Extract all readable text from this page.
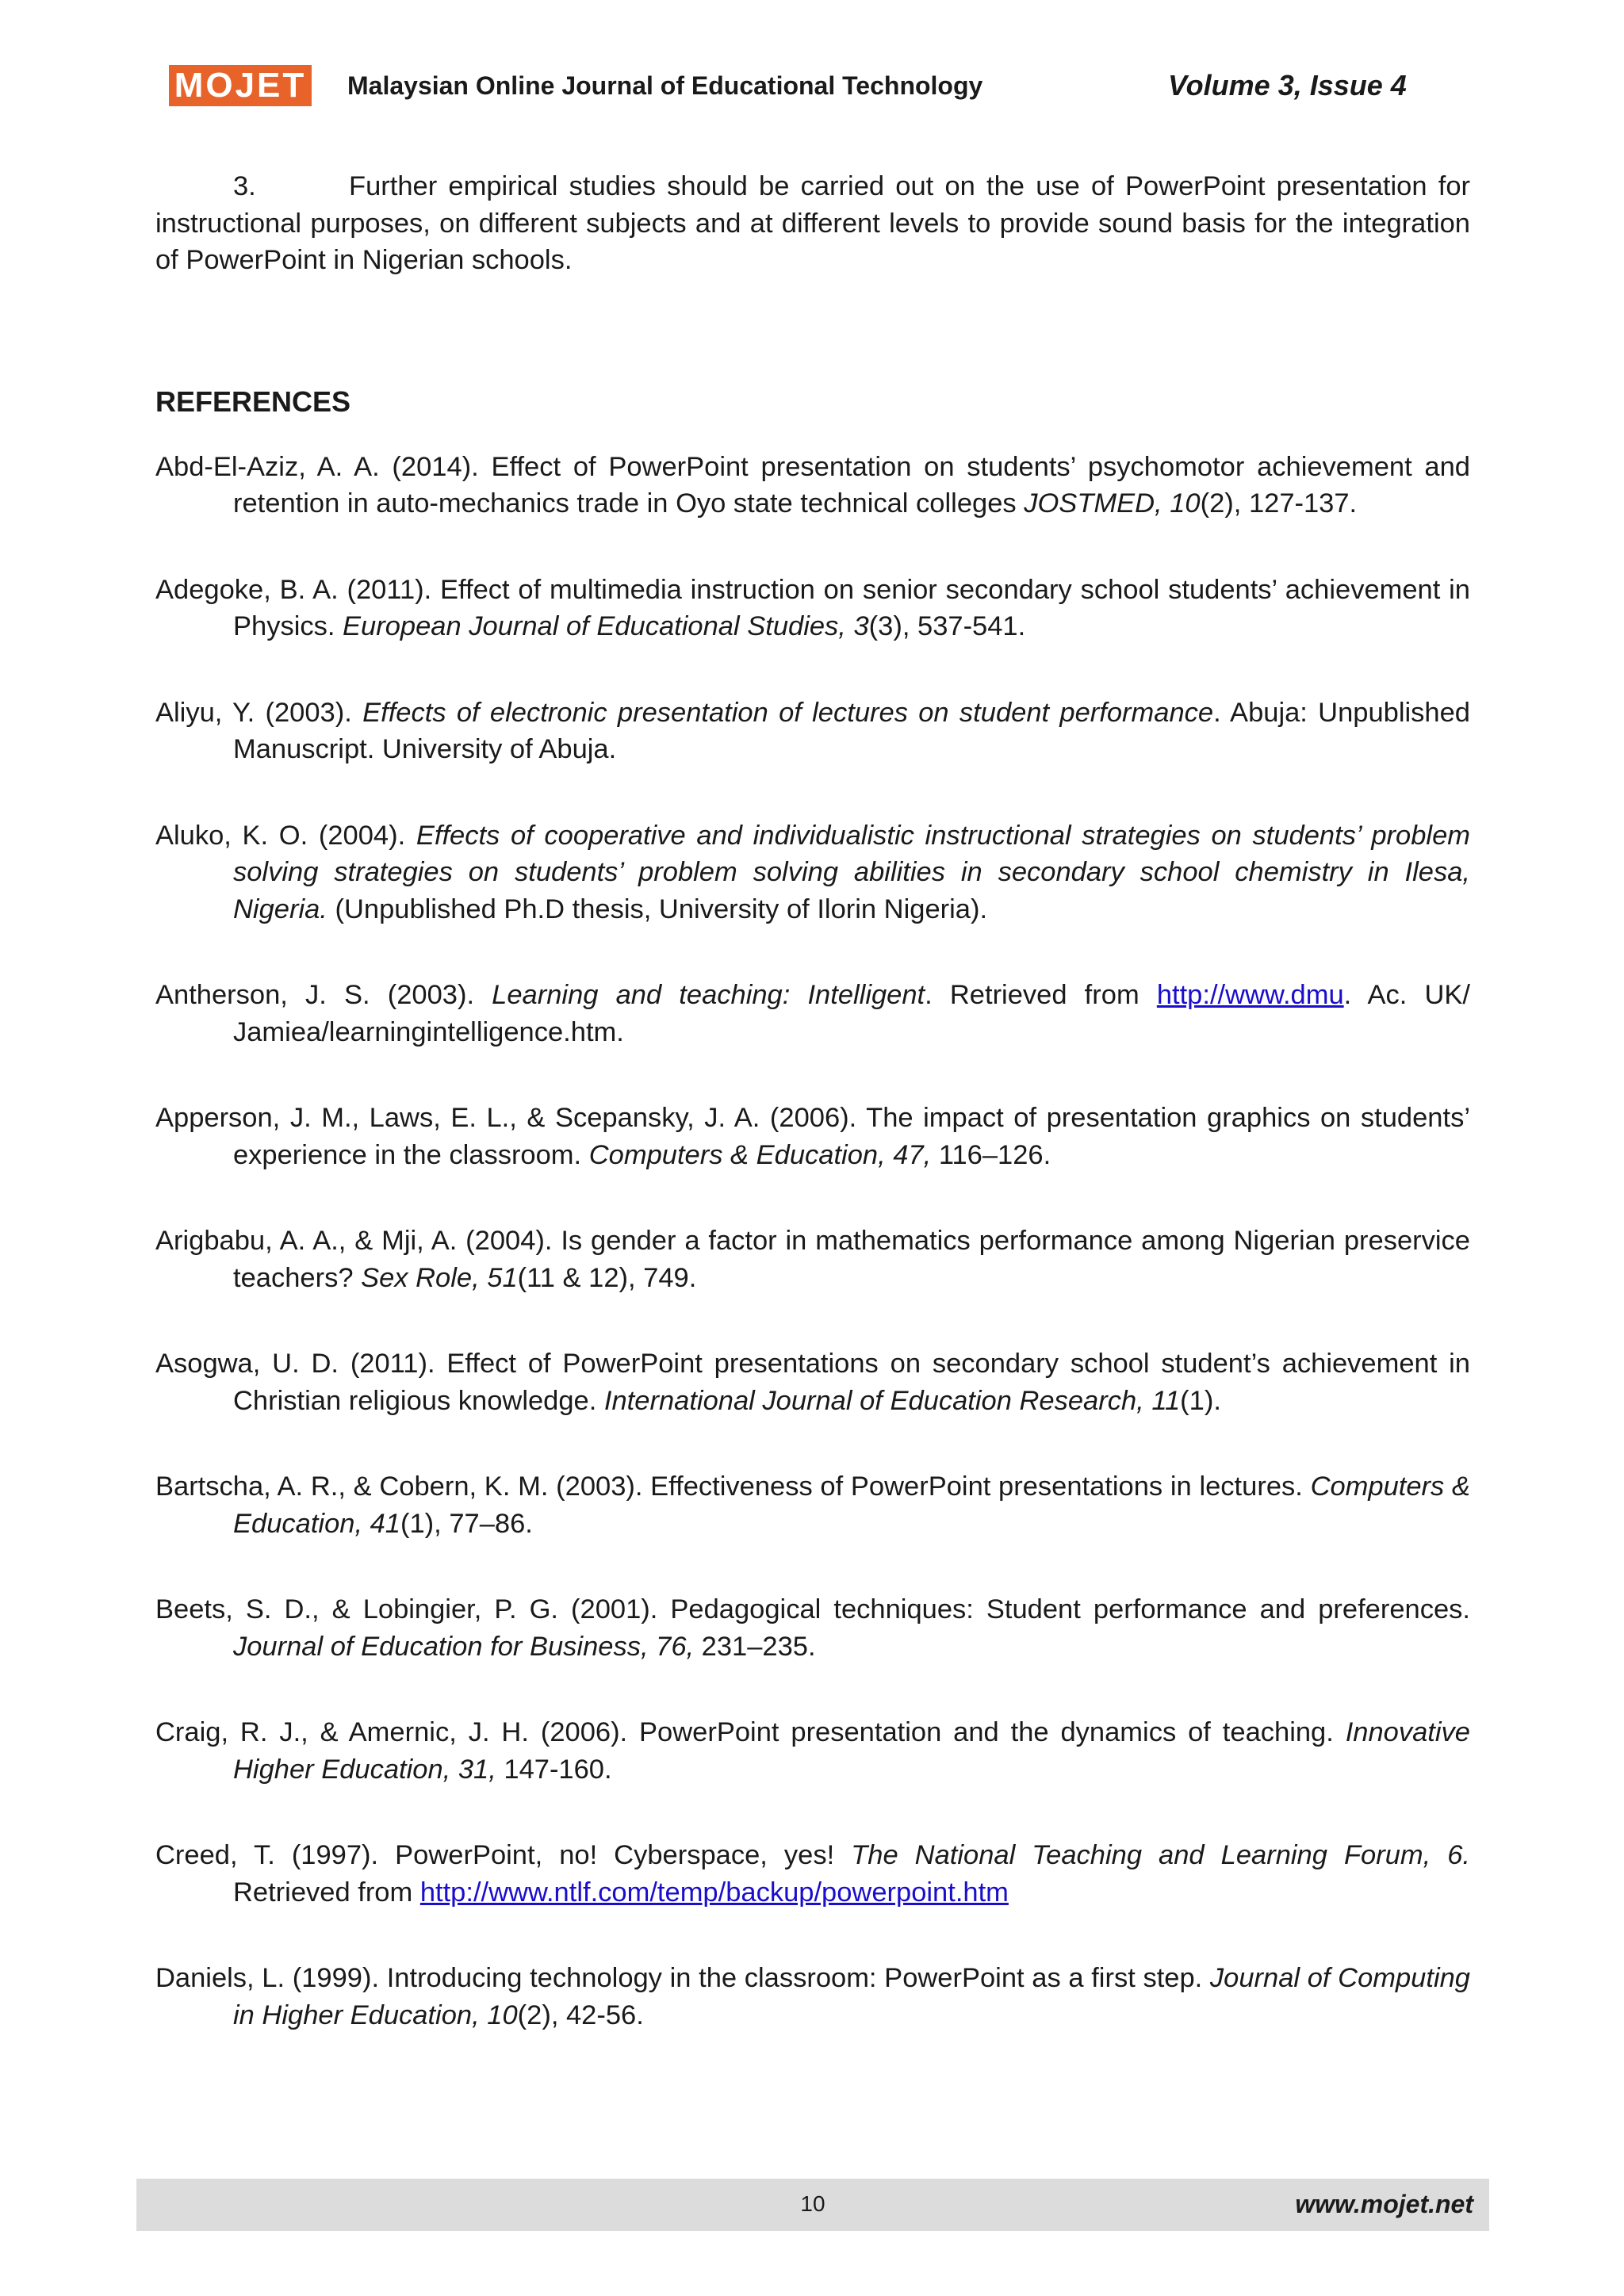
MOJET Malaysian Online Journal of Educational Technology	Volume 3, Issue 4

3.	Further empirical studies should be carried out on the use of PowerPoint presentation for instructional purposes, on different subjects and at different levels to provide sound basis for the integration of PowerPoint in Nigerian schools.

REFERENCES

Abd-El-Aziz, A. A. (2014). Effect of PowerPoint presentation on students’ psychomotor achievement and retention in auto-mechanics trade in Oyo state technical colleges JOSTMED, 10(2), 127-137.

Adegoke, B. A. (2011). Effect of multimedia instruction on senior secondary school students’ achievement in Physics. European Journal of Educational Studies, 3(3), 537-541.

Aliyu, Y. (2003). Effects of electronic presentation of lectures on student performance. Abuja: Unpublished Manuscript. University of Abuja.

Aluko, K. O. (2004). Effects of cooperative and individualistic instructional strategies on students’ problem solving strategies on students’ problem solving abilities in secondary school chemistry in Ilesa, Nigeria. (Unpublished Ph.D thesis, University of Ilorin Nigeria).

Antherson, J. S. (2003). Learning and teaching: Intelligent. Retrieved from http://www.dmu. Ac. UK/ Jamiea/learningintelligence.htm.

Apperson, J. M., Laws, E. L., & Scepansky, J. A. (2006). The impact of presentation graphics on students’ experience in the classroom. Computers & Education, 47, 116–126.

Arigbabu, A. A., & Mji, A. (2004). Is gender a factor in mathematics performance among Nigerian preservice teachers? Sex Role, 51(11 & 12), 749.

Asogwa, U. D. (2011). Effect of PowerPoint presentations on secondary school student’s achievement in Christian religious knowledge. International Journal of Education Research, 11(1).

Bartscha, A. R., & Cobern, K. M. (2003). Effectiveness of PowerPoint presentations in lectures. Computers & Education, 41(1), 77–86.

Beets, S. D., & Lobingier, P. G. (2001). Pedagogical techniques: Student performance and preferences. Journal of Education for Business, 76, 231–235.

Craig, R. J., & Amernic, J. H. (2006). PowerPoint presentation and the dynamics of teaching. Innovative Higher Education, 31, 147-160.

Creed, T. (1997). PowerPoint, no! Cyberspace, yes! The National Teaching and Learning Forum, 6. Retrieved from http://www.ntlf.com/temp/backup/powerpoint.htm

Daniels, L. (1999). Introducing technology in the classroom: PowerPoint as a first step. Journal of Computing in Higher Education, 10(2), 42-56.

10	www.mojet.net
